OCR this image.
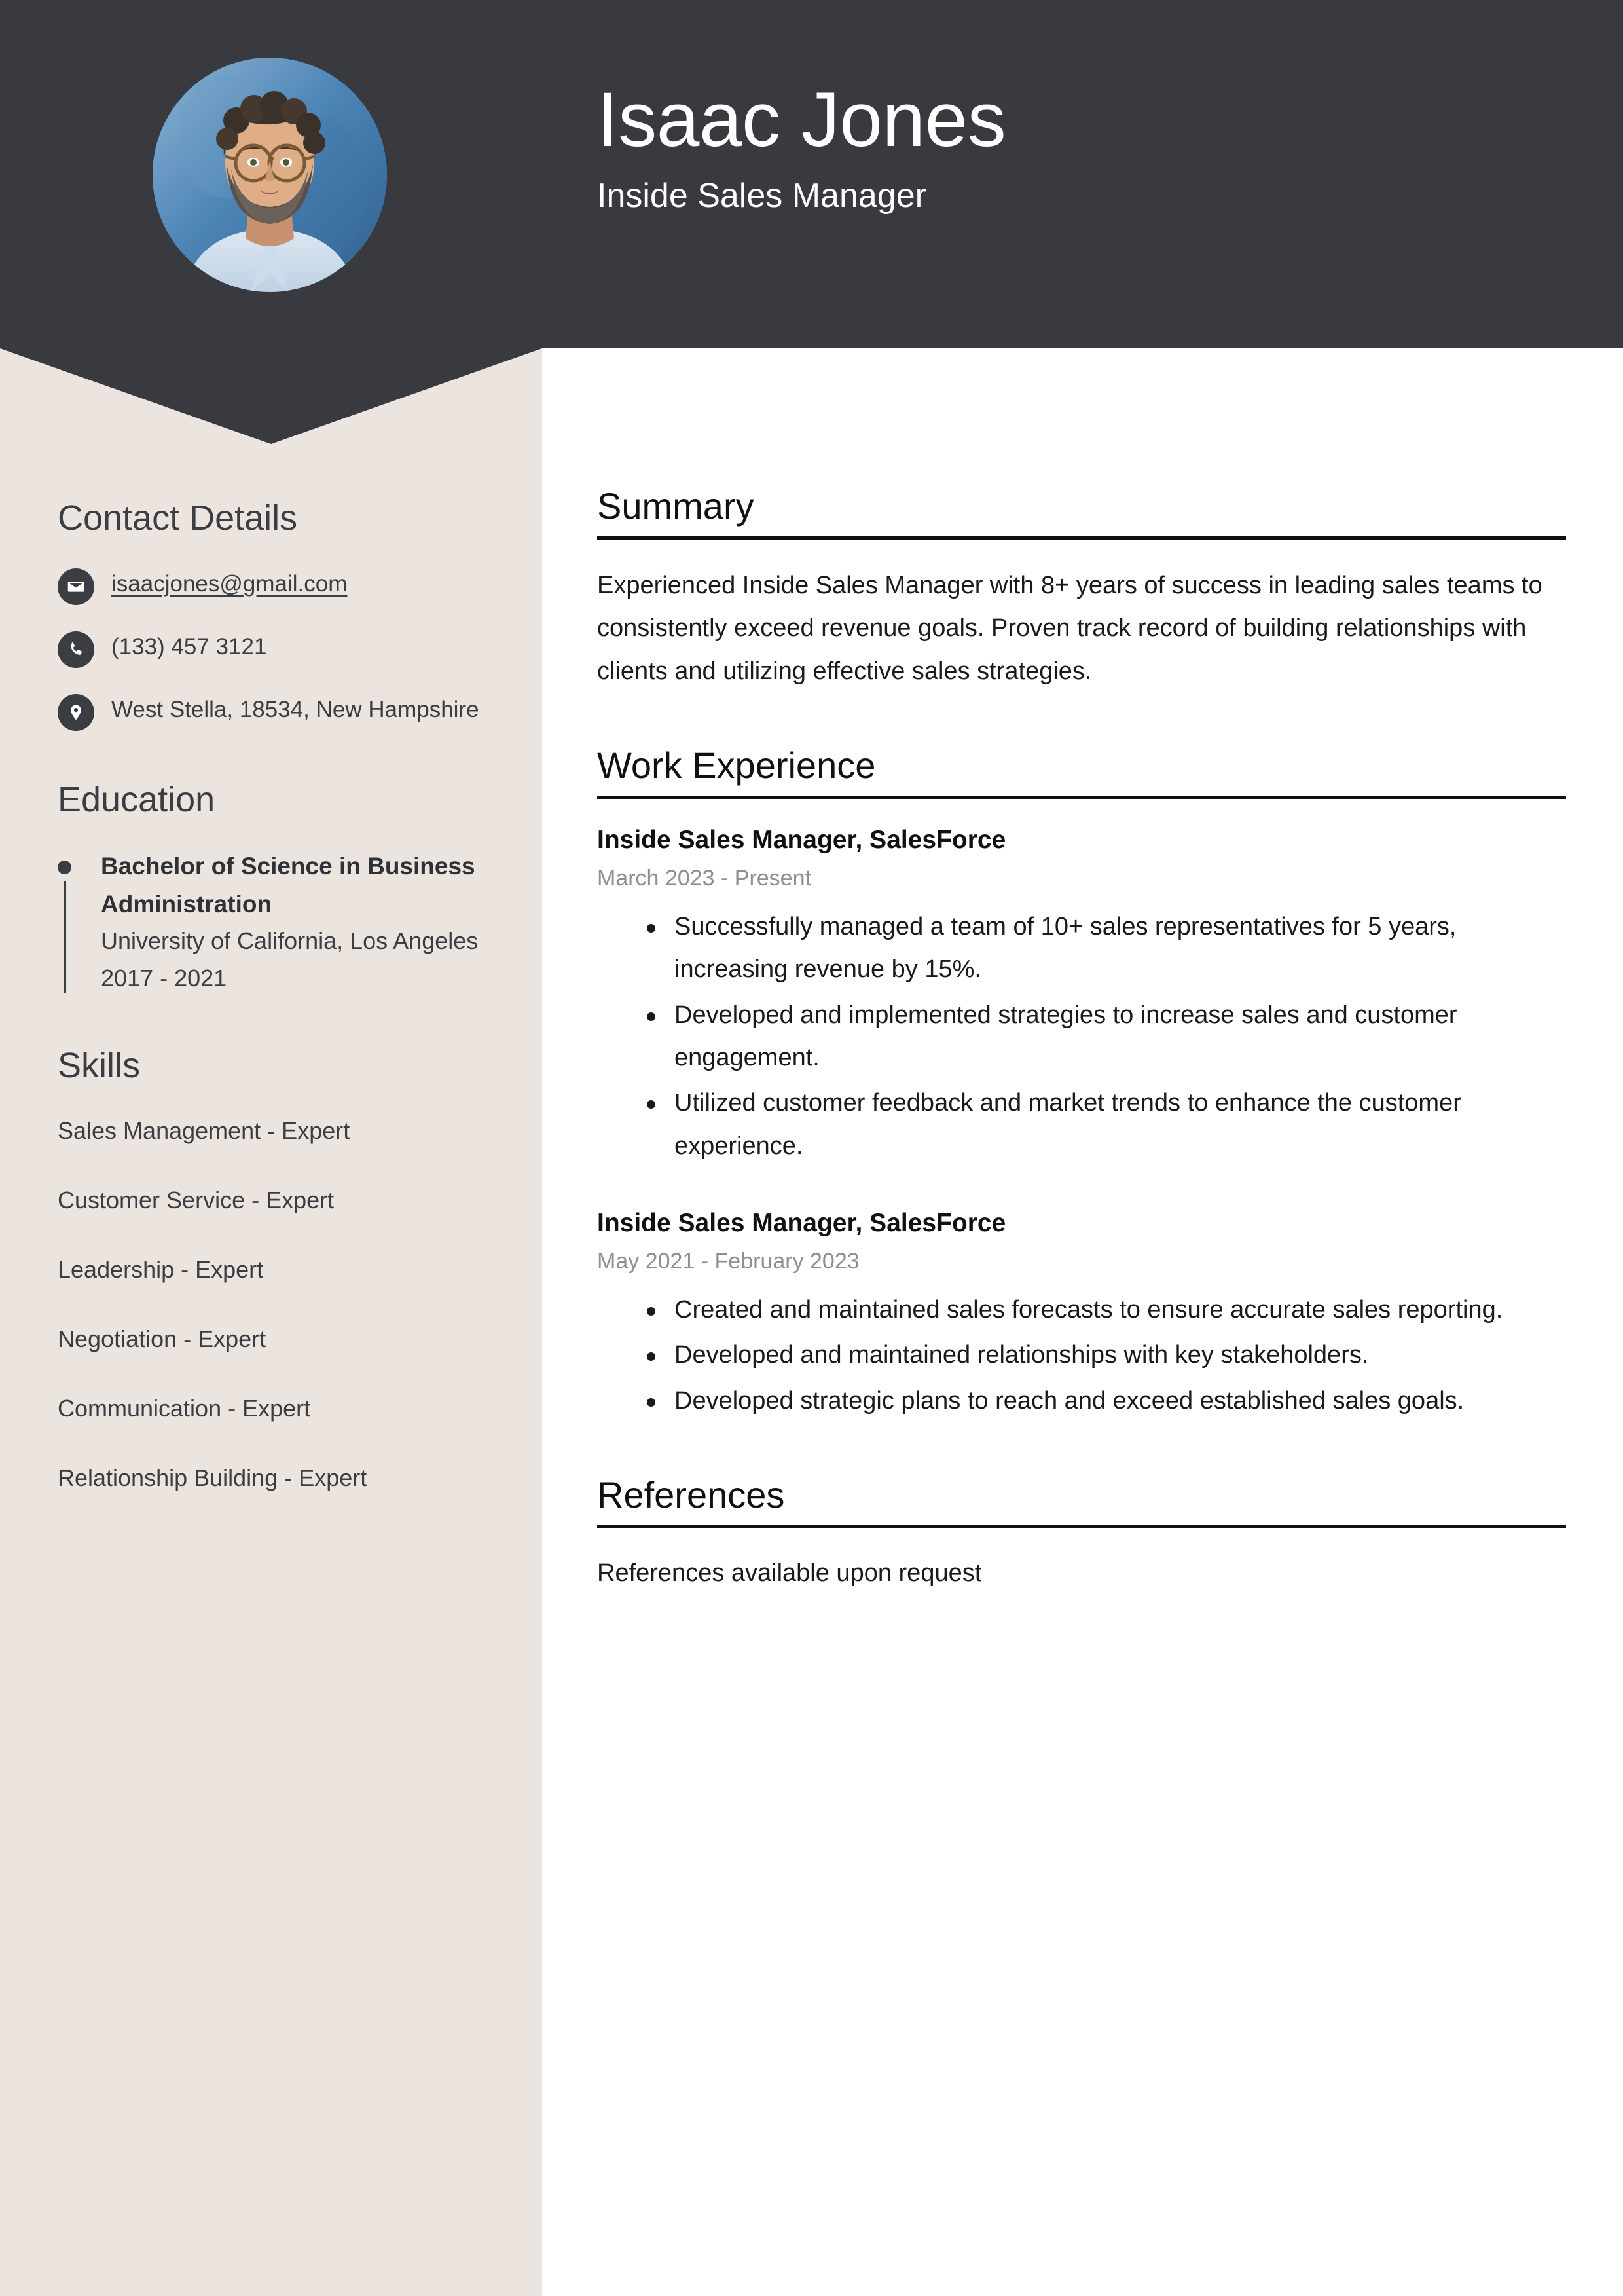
Isaac Jones
Inside Sales Manager
Contact Details
isaacjones@gmail.com
(133) 457 3121
West Stella, 18534, New Hampshire
Education
Bachelor of Science in Business Administration
University of California, Los Angeles
2017 - 2021
Skills
Sales Management - Expert
Customer Service - Expert
Leadership - Expert
Negotiation - Expert
Communication - Expert
Relationship Building - Expert
Summary

Experienced Inside Sales Manager with 8+ years of success in leading sales teams to consistently exceed revenue goals. Proven track record of building relationships with clients and utilizing effective sales strategies.

Work Experience
Inside Sales Manager, SalesForce
March 2023 - Present
Successfully managed a team of 10+ sales representatives for 5 years, increasing revenue by 15%.
Developed and implemented strategies to increase sales and customer engagement.
Utilized customer feedback and market trends to enhance the customer experience.
Inside Sales Manager, SalesForce
May 2021 - February 2023
Created and maintained sales forecasts to ensure accurate sales reporting.
Developed and maintained relationships with key stakeholders.
Developed strategic plans to reach and exceed established sales goals.
References

References available upon request
